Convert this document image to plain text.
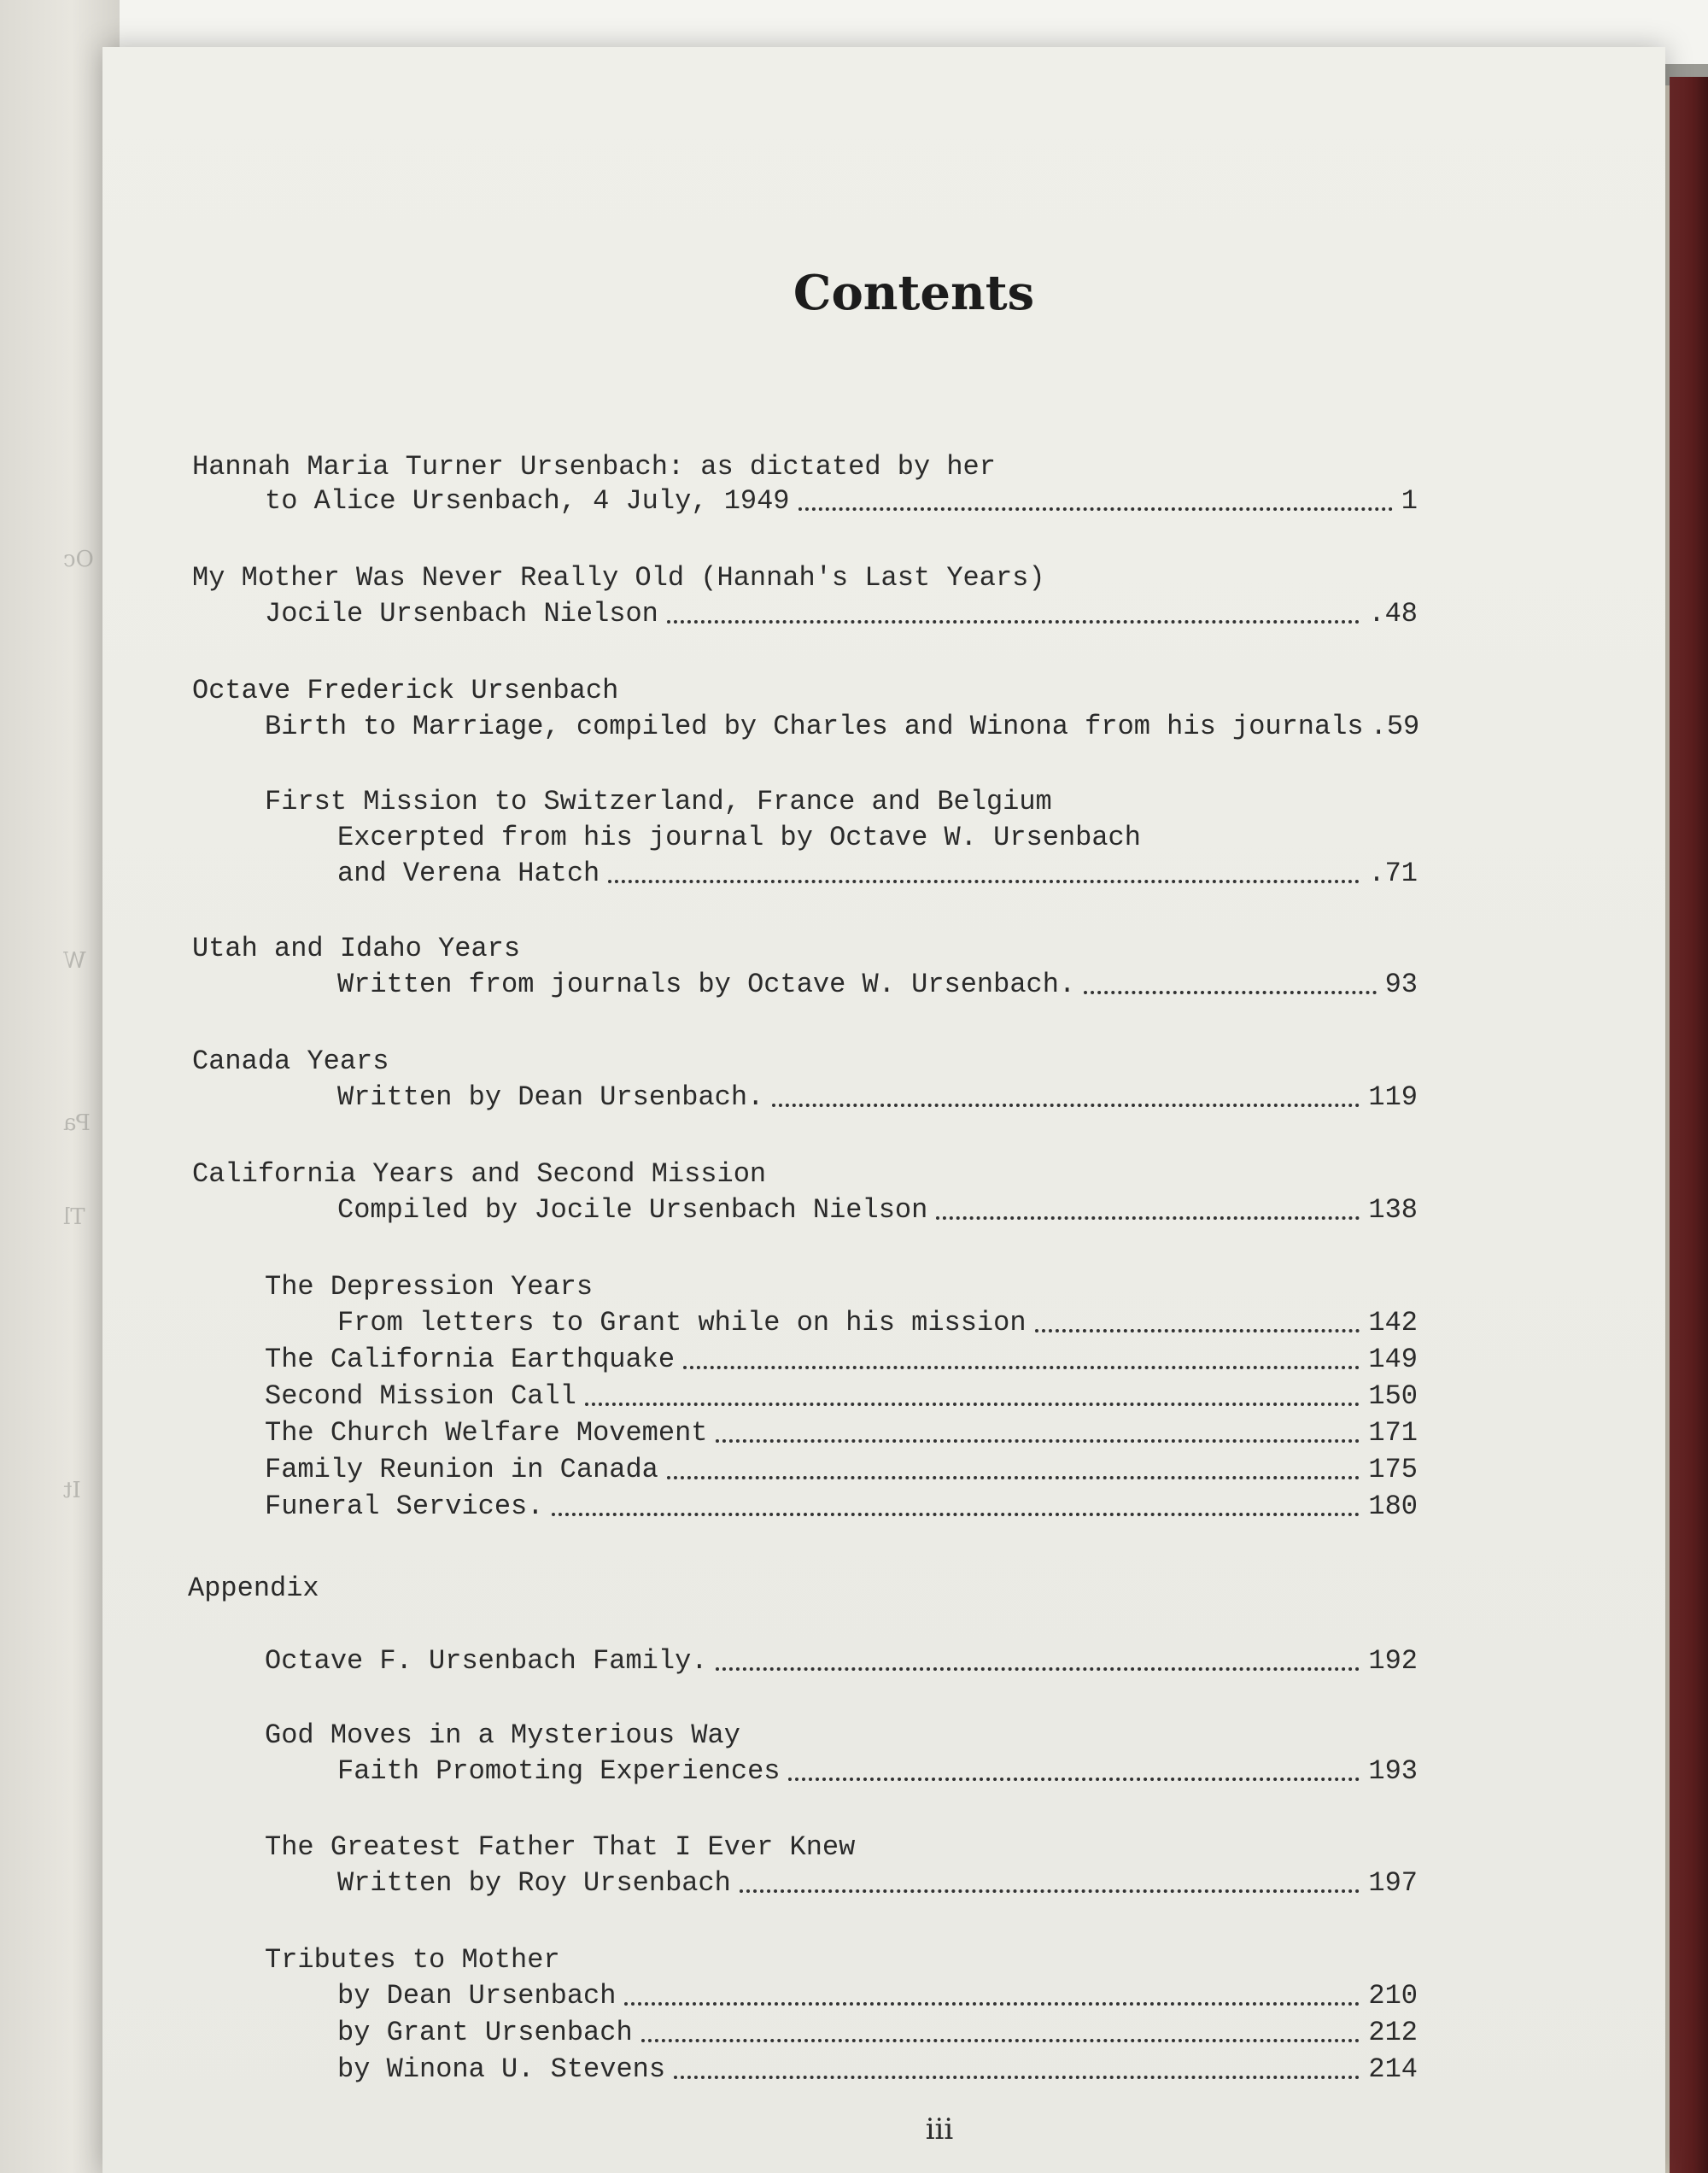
Oc
W
Pa
Tl
It

Contents
Hannah Maria Turner Ursenbach: as dictated by her
to Alice Ursenbach, 4 July, 1949	1
My Mother Was Never Really Old (Hannah's Last Years)
Jocile Ursenbach Nielson	.48
Octave Frederick Ursenbach
Birth to Marriage, compiled by Charles and Winona from his journals .59
First Mission to Switzerland, France and Belgium
Excerpted from his journal by Octave W. Ursenbach
and Verena Hatch	.71
Utah and Idaho Years
Written from journals by Octave W. Ursenbach.	93
Canada Years
Written by Dean Ursenbach.	119
California Years and Second Mission
Compiled by Jocile Ursenbach Nielson	138
The Depression Years
From letters to Grant while on his mission	142
The California Earthquake	149
Second Mission Call	150
The Church Welfare Movement	171
Family Reunion in Canada	175
Funeral Services.	180
Appendix
Octave F. Ursenbach Family.	192
God Moves in a Mysterious Way
Faith Promoting Experiences	193
The Greatest Father That I Ever Knew
Written by Roy Ursenbach	197
Tributes to Mother
by Dean Ursenbach	210
by Grant Ursenbach	212
by Winona U. Stevens	214
iii
